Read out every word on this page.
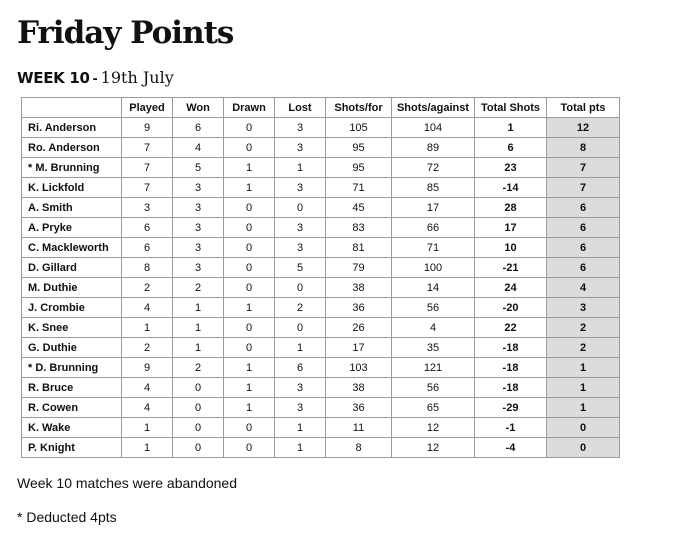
Friday Points
WEEK 10 - 19th July
	Played	Won	Drawn	Lost	Shots/for	Shots/against	Total Shots	Total pts
Ri. Anderson	9	6	0	3	105	104	1	12
Ro. Anderson	7	4	0	3	95	89	6	8
* M. Brunning	7	5	1	1	95	72	23	7
K. Lickfold	7	3	1	3	71	85	-14	7
A. Smith	3	3	0	0	45	17	28	6
A. Pryke	6	3	0	3	83	66	17	6
C. Mackleworth	6	3	0	3	81	71	10	6
D. Gillard	8	3	0	5	79	100	-21	6
M. Duthie	2	2	0	0	38	14	24	4
J. Crombie	4	1	1	2	36	56	-20	3
K. Snee	1	1	0	0	26	4	22	2
G. Duthie	2	1	0	1	17	35	-18	2
* D. Brunning	9	2	1	6	103	121	-18	1
R. Bruce	4	0	1	3	38	56	-18	1
R. Cowen	4	0	1	3	36	65	-29	1
K. Wake	1	0	0	1	11	12	-1	0
P. Knight	1	0	0	1	8	12	-4	0

Week 10 matches were abandoned

* Deducted 4pts
